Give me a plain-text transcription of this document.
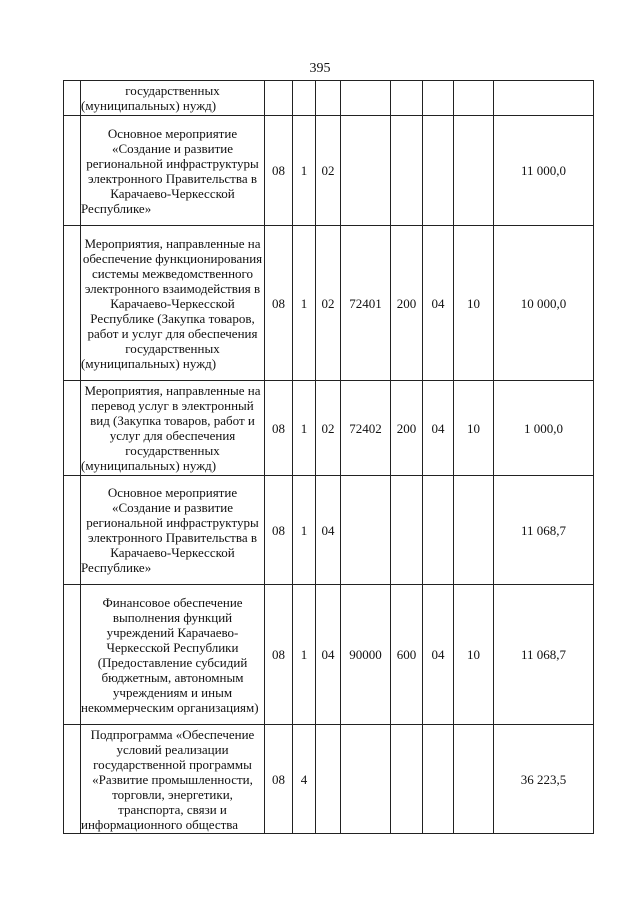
395
	государственных (муниципальных) нужд)								
	Основное мероприятие «Создание и развитие региональной инфраструктуры электронного Правительства в Карачаево-Черкесской Республике»	08	1	02					11 000,0
	Мероприятия, направленные на обеспечение функционирования системы межведомственного электронного взаимодействия в Карачаево-Черкесской Республике (Закупка товаров, работ и услуг для обеспечения государственных (муниципальных) нужд)	08	1	02	72401	200	04	10	10 000,0
	Мероприятия, направленные на перевод услуг в электронный вид (Закупка товаров, работ и услуг для обеспечения государственных (муниципальных) нужд)	08	1	02	72402	200	04	10	1 000,0
	Основное мероприятие «Создание и развитие региональной инфраструктуры электронного Правительства в Карачаево-Черкесской Республике»	08	1	04					11 068,7
	Финансовое обеспечение выполнения функций учреждений Карачаево-Черкесской Республики (Предоставление субсидий бюджетным, автономным учреждениям и иным некоммерческим организациям)	08	1	04	90000	600	04	10	11 068,7
	Подпрограмма «Обеспечение условий реализации государственной программы «Развитие промышленности, торговли, энергетики, транспорта, связи и информационного общества	08	4						36 223,5
